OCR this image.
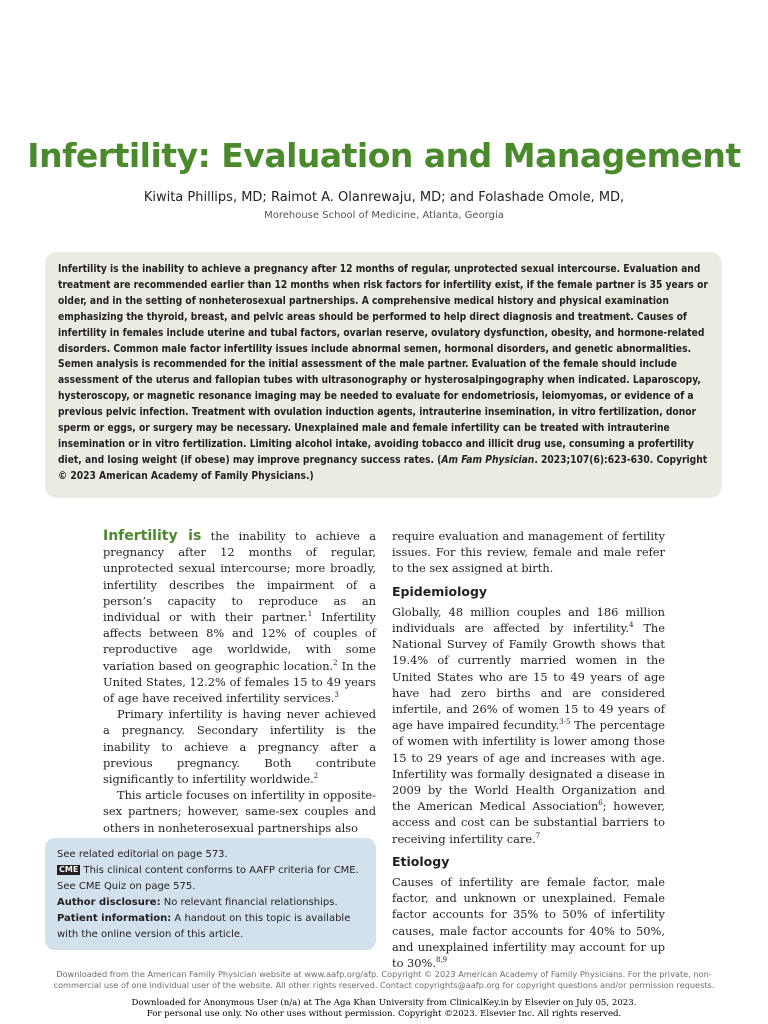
Infertility: Evaluation and Management
Kiwita Phillips, MD; Raimot A. Olanrewaju, MD; and Folashade Omole, MD, Morehouse School of Medicine, Atlanta, Georgia
Infertility is the inability to achieve a pregnancy after 12 months of regular, unprotected sexual intercourse. Evaluation and treatment are recommended earlier than 12 months when risk factors for infertility exist, if the female partner is 35 years or older, and in the setting of nonheterosexual partnerships. A comprehensive medical history and physical examination emphasizing the thyroid, breast, and pelvic areas should be performed to help direct diagnosis and treatment. Causes of infertility in females include uterine and tubal factors, ovarian reserve, ovulatory dysfunction, obesity, and hormone-related disorders. Common male factor infertility issues include abnormal semen, hormonal disorders, and genetic abnormalities. Semen analysis is recommended for the initial assessment of the male partner. Evaluation of the female should include assessment of the uterus and fallopian tubes with ultrasonography or hysterosalpingography when indicated. Laparoscopy, hysteroscopy, or magnetic resonance imaging may be needed to evaluate for endometriosis, leiomyomas, or evidence of a previous pelvic infection. Treatment with ovulation induction agents, intrauterine insemination, in vitro fertilization, donor sperm or eggs, or surgery may be necessary. Unexplained male and female infertility can be treated with intrauterine insemination or in vitro fertilization. Limiting alcohol intake, avoiding tobacco and illicit drug use, consuming a profertility diet, and losing weight (if obese) may improve pregnancy success rates. (Am Fam Physician. 2023;107(6):623-630. Copyright © 2023 American Academy of Family Physicians.)

Infertility is the inability to achieve a pregnancy after 12 months of regular, unprotected sexual intercourse; more broadly, infertility describes the impairment of a person’s capacity to reproduce as an individual or with their partner.$^1$ Infertility affects between 8% and 12% of couples of reproductive age worldwide, with some variation based on geographic location.$^2$ In the United States, 12.2% of females 15 to 49 years of age have received infertility services.$^3$

Primary infertility is having never achieved a pregnancy. Secondary infertility is the inability to achieve a pregnancy after a previous pregnancy. Both contribute significantly to infertility worldwide.$^2$

This article focuses on infertility in opposite-sex partners; however, same-sex couples and others in nonheterosexual partnerships also

require evaluation and management of fertility issues. For this review, female and male refer to the sex assigned at birth.

Epidemiology

Globally, 48 million couples and 186 million individuals are affected by infertility.$^4$ The National Survey of Family Growth shows that 19.4% of currently married women in the United States who are 15 to 49 years of age have had zero births and are considered infertile, and 26% of women 15 to 49 years of age have impaired fecundity.$^{3-5}$ The percentage of women with infertility is lower among those 15 to 29 years of age and increases with age. Infertility was formally designated a disease in 2009 by the World Health Organization and the American Medical Association$^6$; however, access and cost can be substantial barriers to receiving infertility care.$^7$

Etiology

Causes of infertility are female factor, male factor, and unknown or unexplained. Female factor accounts for 35% to 50% of infertility causes, male factor accounts for 40% to 50%, and unexplained infertility may account for up to 30%.$^{8,9}$

See related editorial on page 573.

CME This clinical content conforms to AAFP criteria for CME. See CME Quiz on page 575.

Author disclosure: No relevant financial relationships.

Patient information: A handout on this topic is available with the online version of this article.

Downloaded from the American Family Physician website at www.aafp.org/afp. Copyright © 2023 American Academy of Family Physicians. For the private, non-commercial use of one individual user of the website. All other rights reserved. Contact copyrights@aafp.org for copyright questions and/or permission requests.
Downloaded for Anonymous User (n/a) at The Aga Khan University from ClinicalKey.in by Elsevier on July 05, 2023.
For personal use only. No other uses without permission. Copyright ©2023. Elsevier Inc. All rights reserved.
